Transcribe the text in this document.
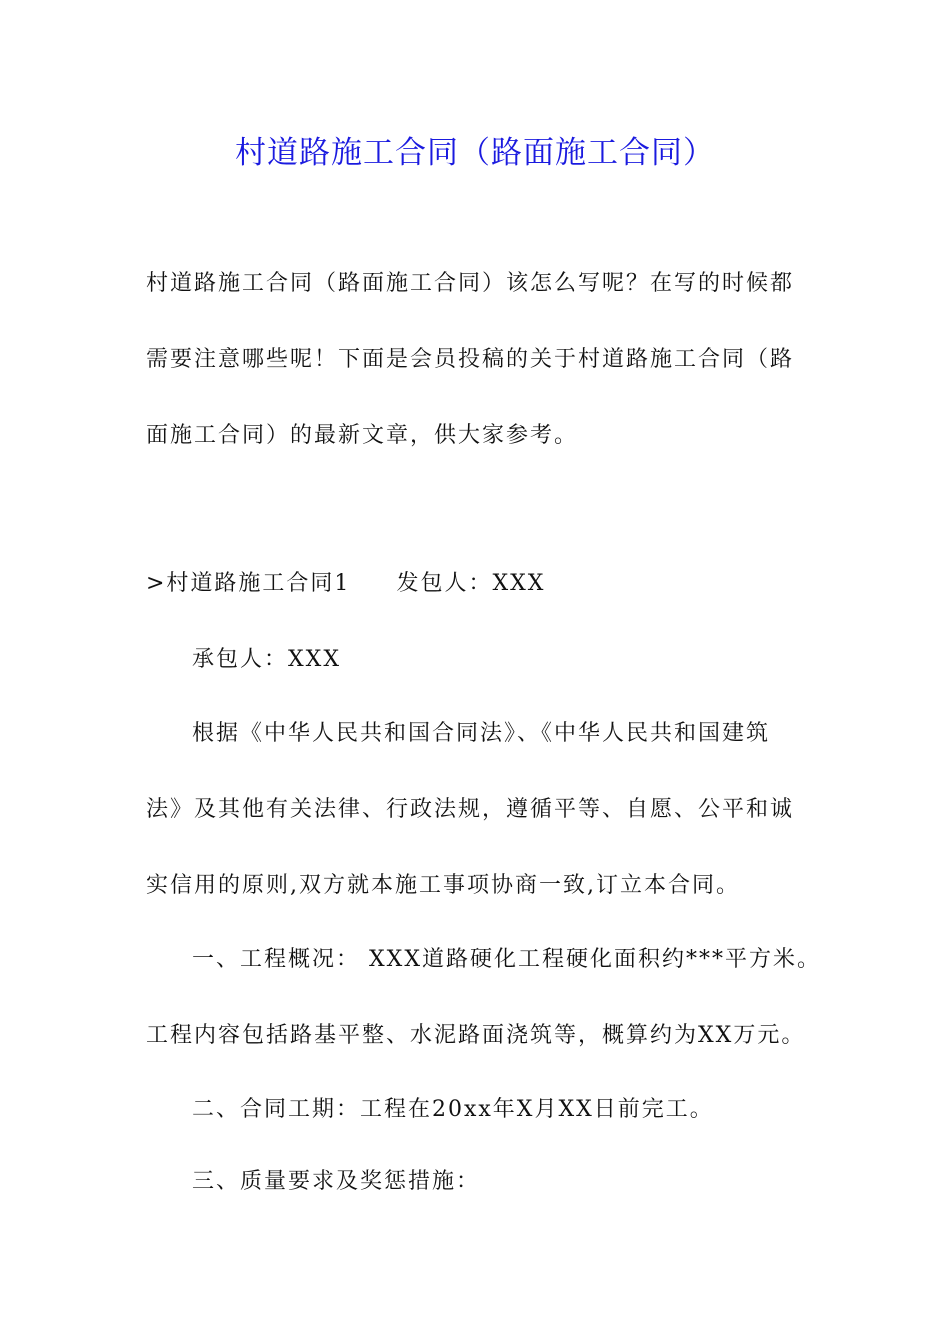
村道路施工合同（路面施工合同）
村道路施工合同（路面施工合同）该怎么写呢？在写的时候都
需要注意哪些呢！下面是会员投稿的关于村道路施工合同（路
面施工合同）的最新文章，供大家参考。
>村道路施工合同1 发包人：XXX
承包人：XXX
根据《中华人民共和国合同法》、《中华人民共和国建筑
法》及其他有关法律、行政法规，遵循平等、自愿、公平和诚
实信用的原则,双方就本施工事项协商一致,订立本合同。
一、工程概况： XXX道路硬化工程硬化面积约***平方米。
工程内容包括路基平整、水泥路面浇筑等，概算约为XX万元。
二、合同工期：工程在20xx年X月XX日前完工。
三、质量要求及奖惩措施：
